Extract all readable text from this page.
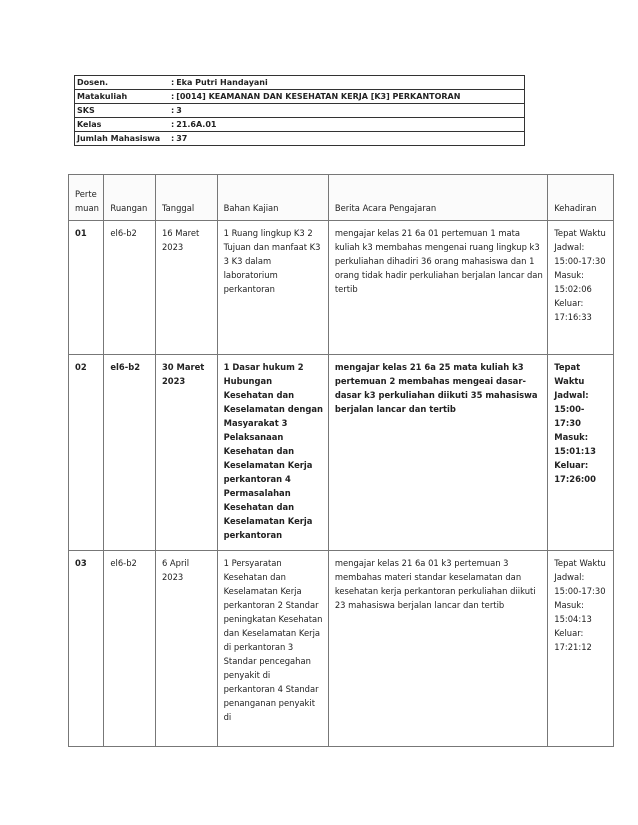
Dosen.	: Eka Putri Handayani
Matakuliah	: [0014] KEAMANAN DAN KESEHATAN KERJA [K3] PERKANTORAN
SKS	: 3
Kelas	: 21.6A.01
Jumlah Mahasiswa	: 37
Perte muan	Ruangan	Tanggal	Bahan Kajian	Berita Acara Pengajaran	Kehadiran
01	el6-b2	16 Maret 2023	1 Ruang lingkup K3 2 Tujuan dan manfaat K3 3 K3 dalam laboratorium perkantoran	mengajar kelas 21 6a 01 pertemuan 1 mata kuliah k3 membahas mengenai ruang lingkup k3 perkuliahan dihadiri 36 orang mahasiswa dan 1 orang tidak hadir perkuliahan berjalan lancar dan tertib	Tepat Waktu Jadwal: 15:00-17:30 Masuk: 15:02:06 Keluar: 17:16:33
02	el6-b2	30 Maret 2023	1 Dasar hukum 2 Hubungan Kesehatan dan Keselamatan dengan Masyarakat 3 Pelaksanaan Kesehatan dan Keselamatan Kerja perkantoran 4 Permasalahan Kesehatan dan Keselamatan Kerja perkantoran	mengajar kelas 21 6a 25 mata kuliah k3 pertemuan 2 membahas mengeai dasar-dasar k3 perkuliahan diikuti 35 mahasiswa berjalan lancar dan tertib	Tepat Waktu Jadwal: 15:00-17:30 Masuk: 15:01:13 Keluar: 17:26:00
03	el6-b2	6 April 2023	1 Persyaratan Kesehatan dan Keselamatan Kerja perkantoran 2 Standar peningkatan Kesehatan dan Keselamatan Kerja di perkantoran 3 Standar pencegahan penyakit di perkantoran 4 Standar penanganan penyakit di	mengajar kelas 21 6a 01 k3 pertemuan 3 membahas materi standar keselamatan dan kesehatan kerja perkantoran perkuliahan diikuti 23 mahasiswa berjalan lancar dan tertib	Tepat Waktu Jadwal: 15:00-17:30 Masuk: 15:04:13 Keluar: 17:21:12
